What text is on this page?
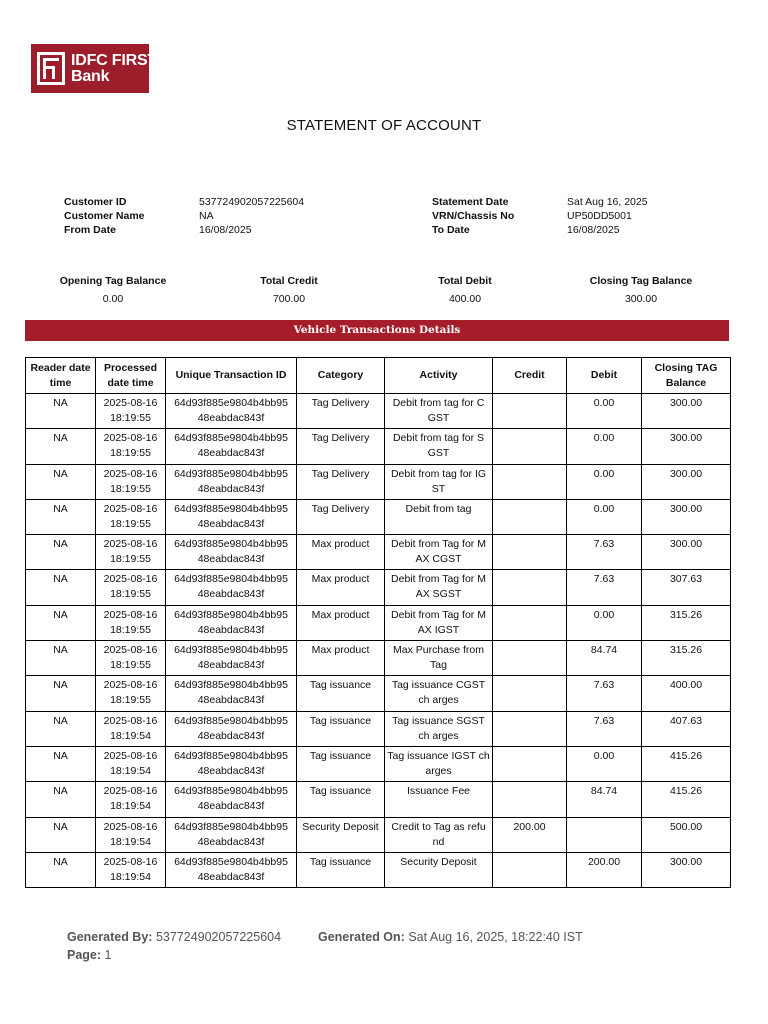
IDFC FIRST
Bank
STATEMENT OF ACCOUNT
Customer ID	537724902057225604
Customer Name	NA
From Date	16/08/2025
Statement Date	Sat Aug 16, 2025
VRN/Chassis No	UP50DD5001
To Date	16/08/2025
Opening Tag Balance
0.00
Total Credit
700.00
Total Debit
400.00
Closing Tag Balance
300.00
Vehicle Transactions Details
Reader date time	Processed date time	Unique Transaction ID	Category	Activity	Credit	Debit	Closing TAG Balance
NA	2025-08-16 18:19:55	64d93f885e9804b4bb95 48eabdac843f	Tag Delivery	Debit from tag for C GST		0.00	300.00
NA	2025-08-16 18:19:55	64d93f885e9804b4bb95 48eabdac843f	Tag Delivery	Debit from tag for S GST		0.00	300.00
NA	2025-08-16 18:19:55	64d93f885e9804b4bb95 48eabdac843f	Tag Delivery	Debit from tag for IG ST		0.00	300.00
NA	2025-08-16 18:19:55	64d93f885e9804b4bb95 48eabdac843f	Tag Delivery	Debit from tag		0.00	300.00
NA	2025-08-16 18:19:55	64d93f885e9804b4bb95 48eabdac843f	Max product	Debit from Tag for M AX CGST		7.63	300.00
NA	2025-08-16 18:19:55	64d93f885e9804b4bb95 48eabdac843f	Max product	Debit from Tag for M AX SGST		7.63	307.63
NA	2025-08-16 18:19:55	64d93f885e9804b4bb95 48eabdac843f	Max product	Debit from Tag for M AX IGST		0.00	315.26
NA	2025-08-16 18:19:55	64d93f885e9804b4bb95 48eabdac843f	Max product	Max Purchase from Tag		84.74	315.26
NA	2025-08-16 18:19:55	64d93f885e9804b4bb95 48eabdac843f	Tag issuance	Tag issuance CGST ch arges		7.63	400.00
NA	2025-08-16 18:19:54	64d93f885e9804b4bb95 48eabdac843f	Tag issuance	Tag issuance SGST ch arges		7.63	407.63
NA	2025-08-16 18:19:54	64d93f885e9804b4bb95 48eabdac843f	Tag issuance	Tag issuance IGST ch arges		0.00	415.26
NA	2025-08-16 18:19:54	64d93f885e9804b4bb95 48eabdac843f	Tag issuance	Issuance Fee		84.74	415.26
NA	2025-08-16 18:19:54	64d93f885e9804b4bb95 48eabdac843f	Security Deposit	Credit to Tag as refu nd	200.00		500.00
NA	2025-08-16 18:19:54	64d93f885e9804b4bb95 48eabdac843f	Tag issuance	Security Deposit		200.00	300.00
Generated By: 537724902057225604	Generated On: Sat Aug 16, 2025, 18:22:40 IST
Page: 1
